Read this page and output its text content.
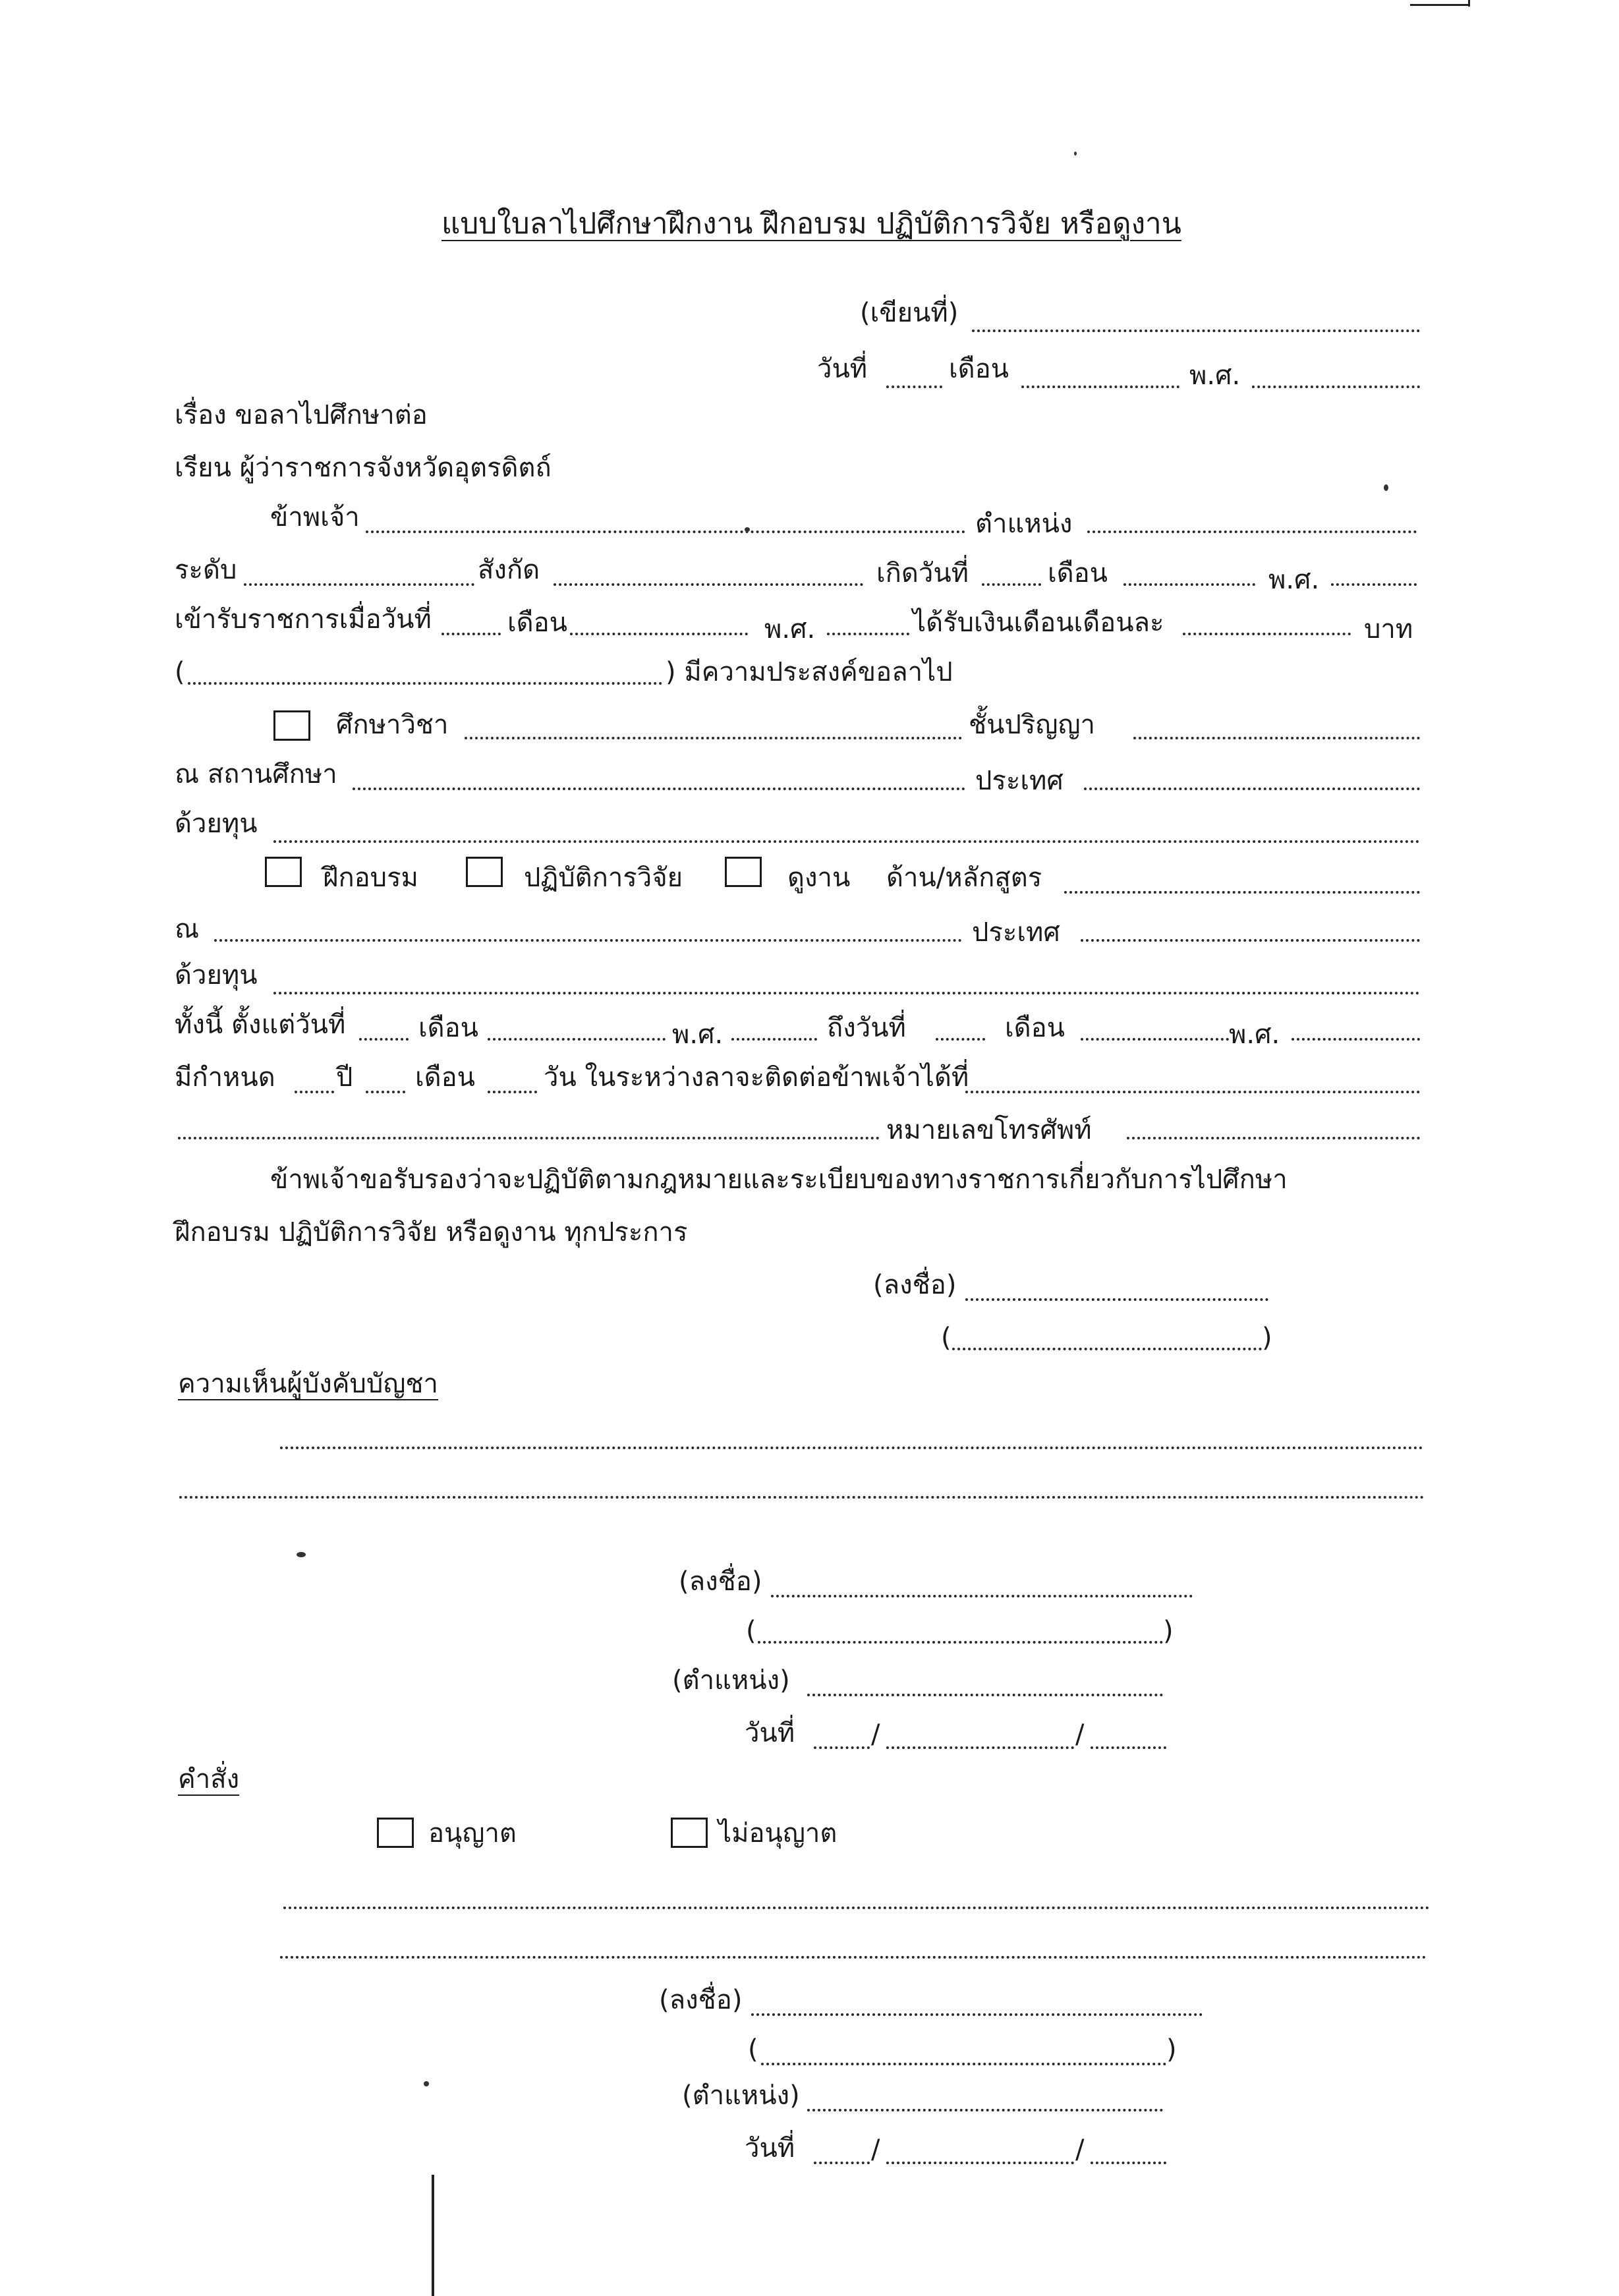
แบบใบลาไปศึกษาฝึกงาน ฝึกอบรม ปฏิบัติการวิจัย หรือดูงาน
(เขียนที่)
วันที่	เดือน	พ.ศ.
เรื่อง ขอลาไปศึกษาต่อ
เรียน ผู้ว่าราชการจังหวัดอุตรดิตถ์
ข้าพเจ้า	ตำแหน่ง
ระดับ	สังกัด	เกิดวันที่	เดือน	พ.ศ.
เข้ารับราชการเมื่อวันที่	เดือน	พ.ศ.	ได้รับเงินเดือนเดือนละ	บาท
(	) มีความประสงค์ขอลาไป
ศึกษาวิชา	ชั้นปริญญา
ณ สถานศึกษา	ประเทศ
ด้วยทุน
ฝึกอบรม	ปฏิบัติการวิจัย	ดูงาน ด้าน/หลักสูตร
ณ	ประเทศ
ด้วยทุน
ทั้งนี้ ตั้งแต่วันที่	เดือน	พ.ศ.	ถึงวันที่	เดือน	พ.ศ.
มีกำหนด ปี เดือน	วัน ในระหว่างลาจะติดต่อข้าพเจ้าได้ที่
หมายเลขโทรศัพท์
ข้าพเจ้าขอรับรองว่าจะปฏิบัติตามกฎหมายและระเบียบของทางราชการเกี่ยวกับการไปศึกษา
ฝึกอบรม ปฏิบัติการวิจัย หรือดูงาน ทุกประการ
(ลงชื่อ)
(	)
ความเห็นผู้บังคับบัญชา
(ลงชื่อ)
(	)
(ตำแหน่ง)
วันที่	/	/
คำสั่ง
อนุญาต	ไม่อนุญาต
(ลงชื่อ)
(	)
(ตำแหน่ง)
วันที่	/	/
